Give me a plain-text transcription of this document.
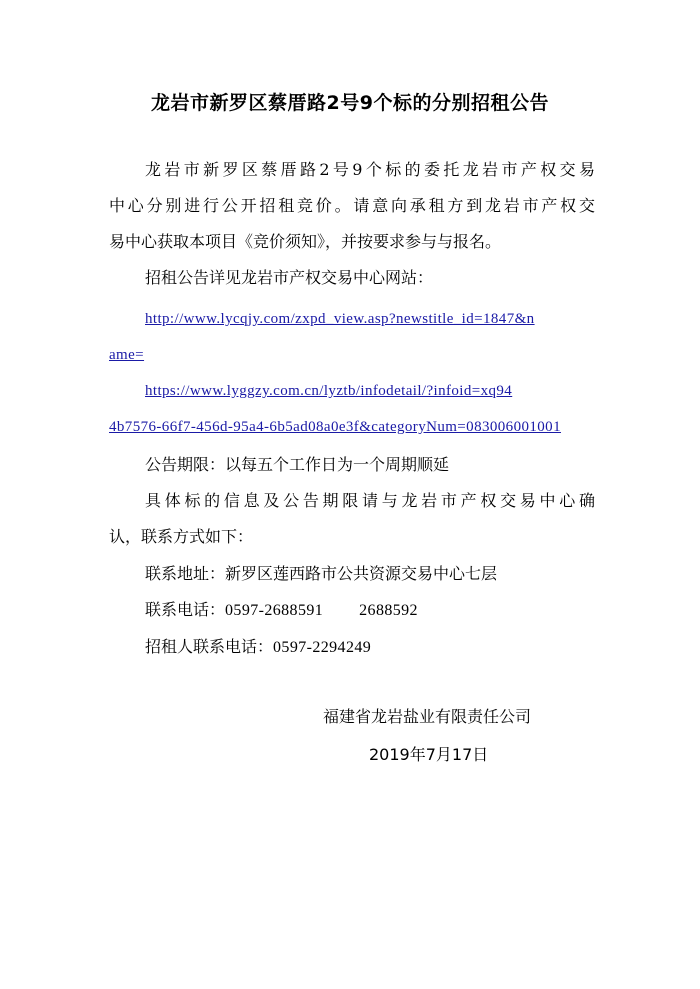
龙岩市新罗区蔡厝路2号9个标的分别招租公告
龙岩市新罗区蔡厝路2号9个标的委托龙岩市产权交易
中心分别进行公开招租竞价。请意向承租方到龙岩市产权交
易中心获取本项目《竞价须知》，并按要求参与与报名。
招租公告详见龙岩市产权交易中心网站：
http://www.lycqjy.com/zxpd_view.asp?newstitle_id=1847&n
ame=
https://www.lyggzy.com.cn/lyztb/infodetail/?infoid=xq94
4b7576-66f7-456d-95a4-6b5ad08a0e3f&categoryNum=083006001001
公告期限：以每五个工作日为一个周期顺延
具体标的信息及公告期限请与龙岩市产权交易中心确
认，联系方式如下：
联系地址：新罗区莲西路市公共资源交易中心七层
联系电话：0597-2688591 2688592
招租人联系电话：0597-2294249
福建省龙岩盐业有限责任公司
2019年7月17日
